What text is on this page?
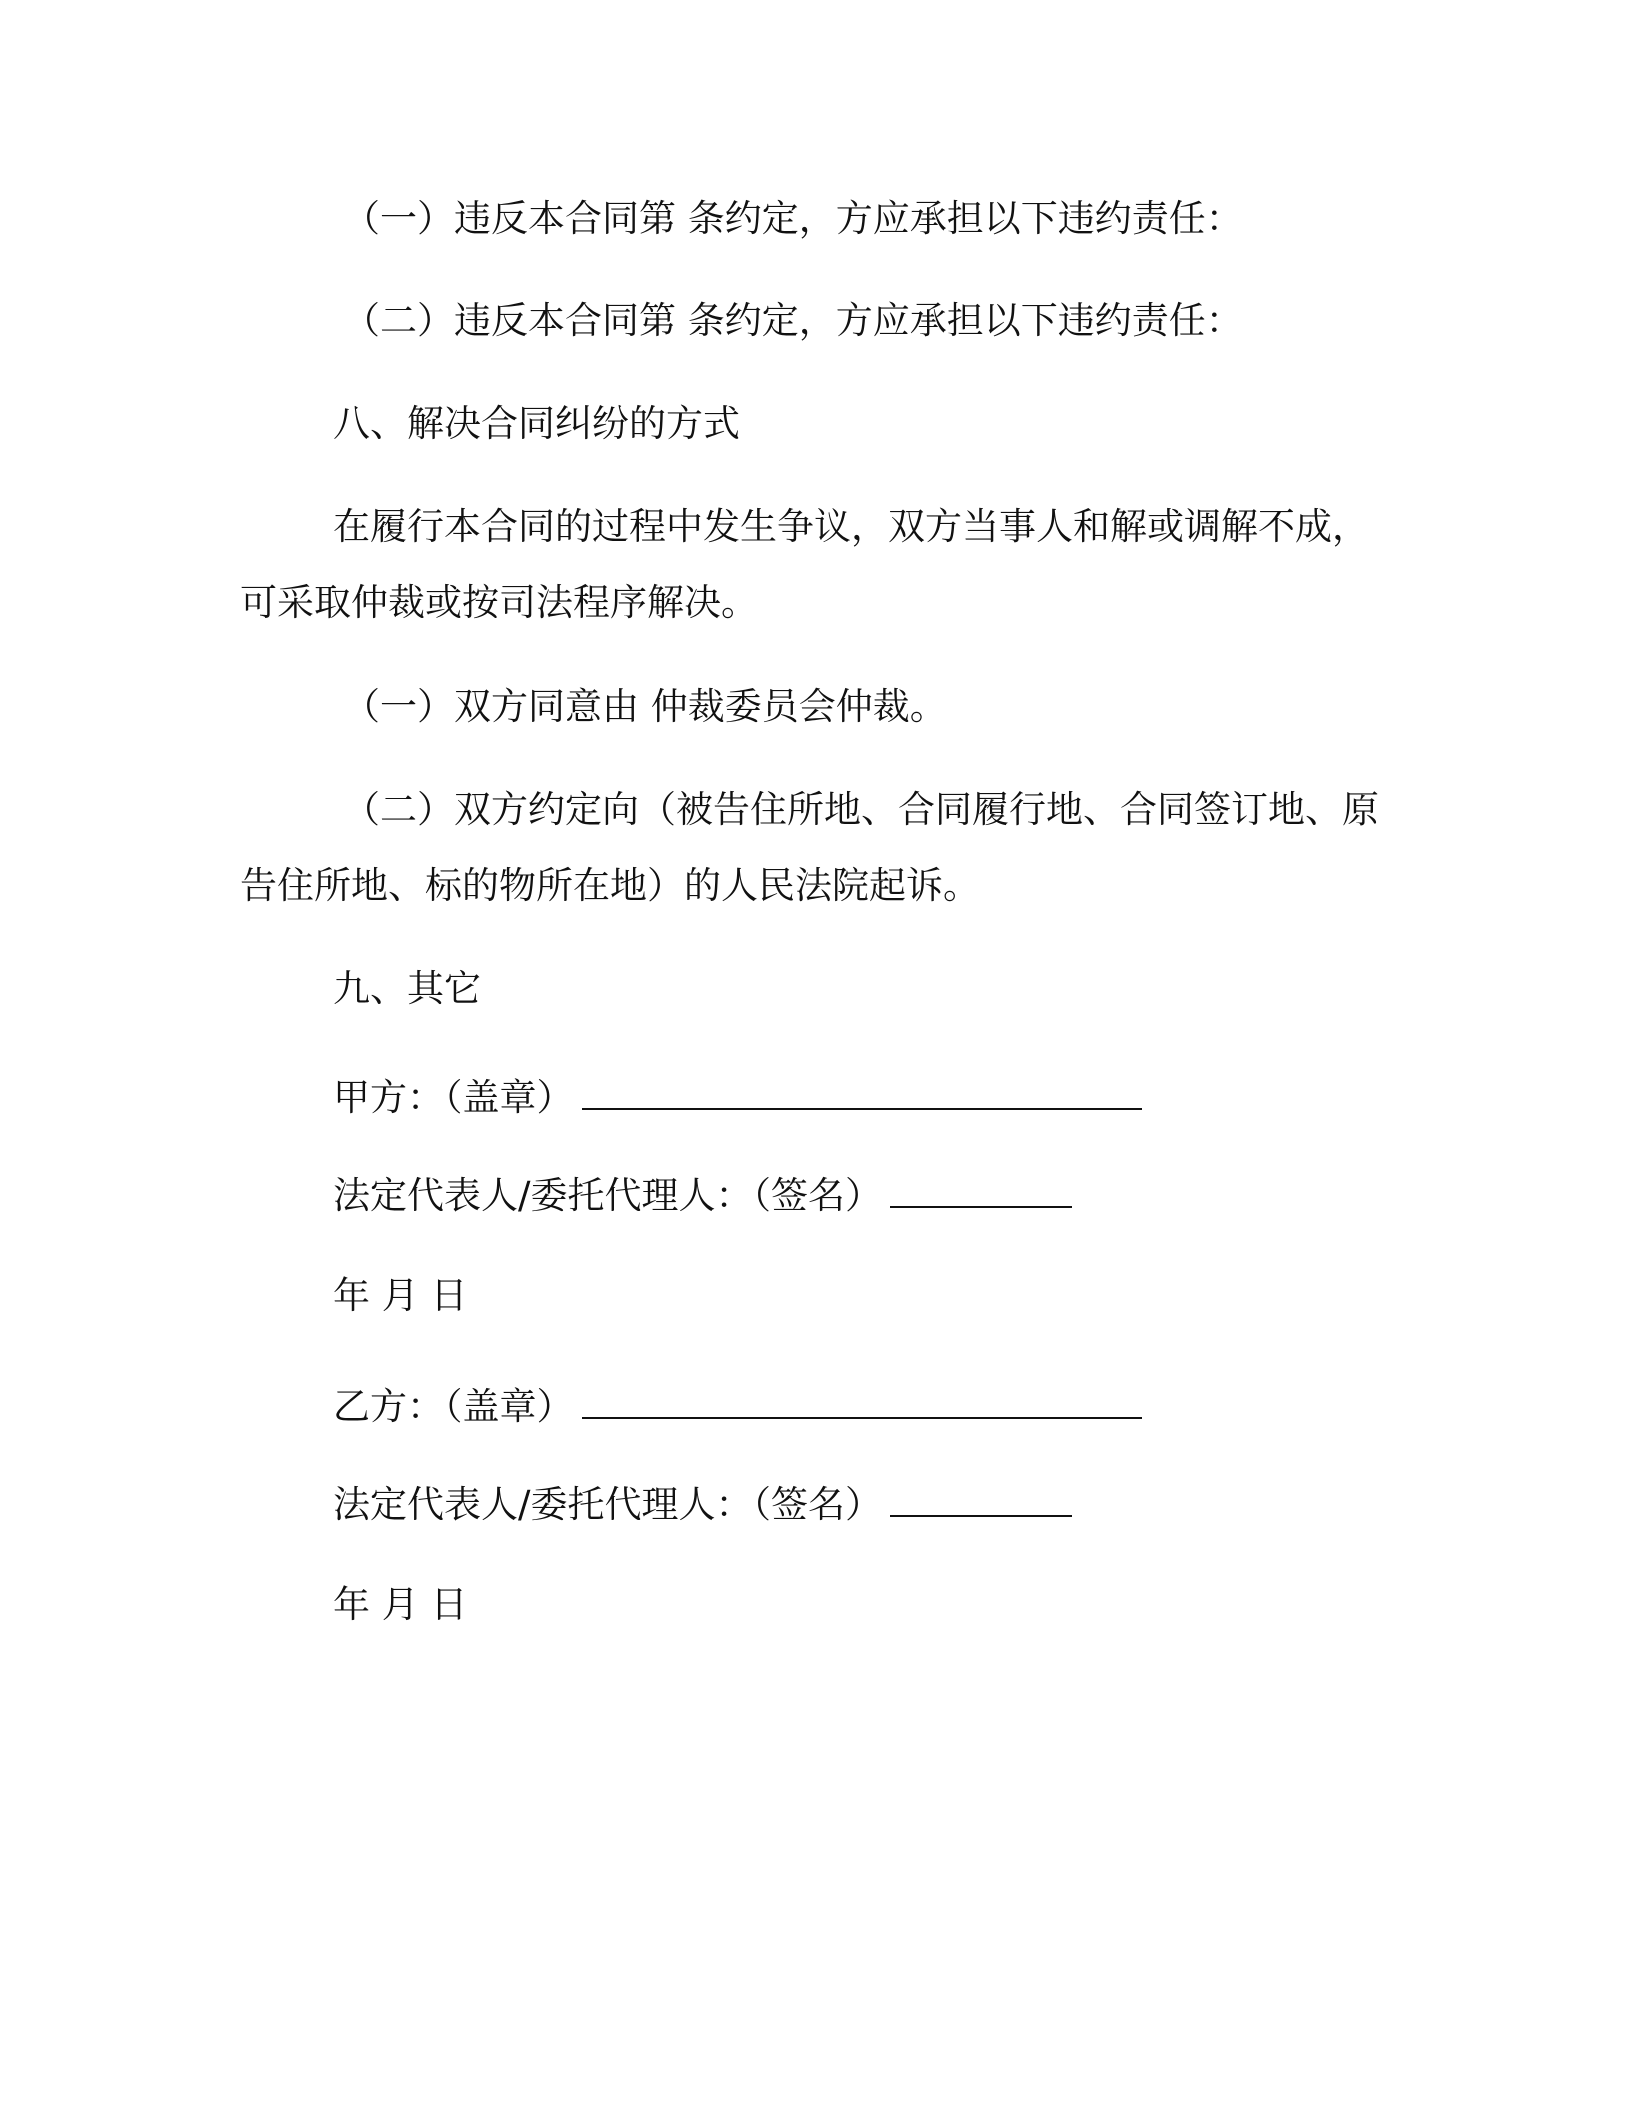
（一）违反本合同第 条约定，方应承担以下违约责任：
（二）违反本合同第 条约定，方应承担以下违约责任：
八、解决合同纠纷的方式
在履行本合同的过程中发生争议，双方当事人和解或调解不成，
可采取仲裁或按司法程序解决。
（一）双方同意由 仲裁委员会仲裁。
（二）双方约定向（被告住所地、合同履行地、合同签订地、原
告住所地、标的物所在地）的人民法院起诉。
九、其它
甲方：（盖章）
法定代表人/委托代理人：（签名）
年 月 日
乙方：（盖章）
法定代表人/委托代理人：（签名）
年 月 日
